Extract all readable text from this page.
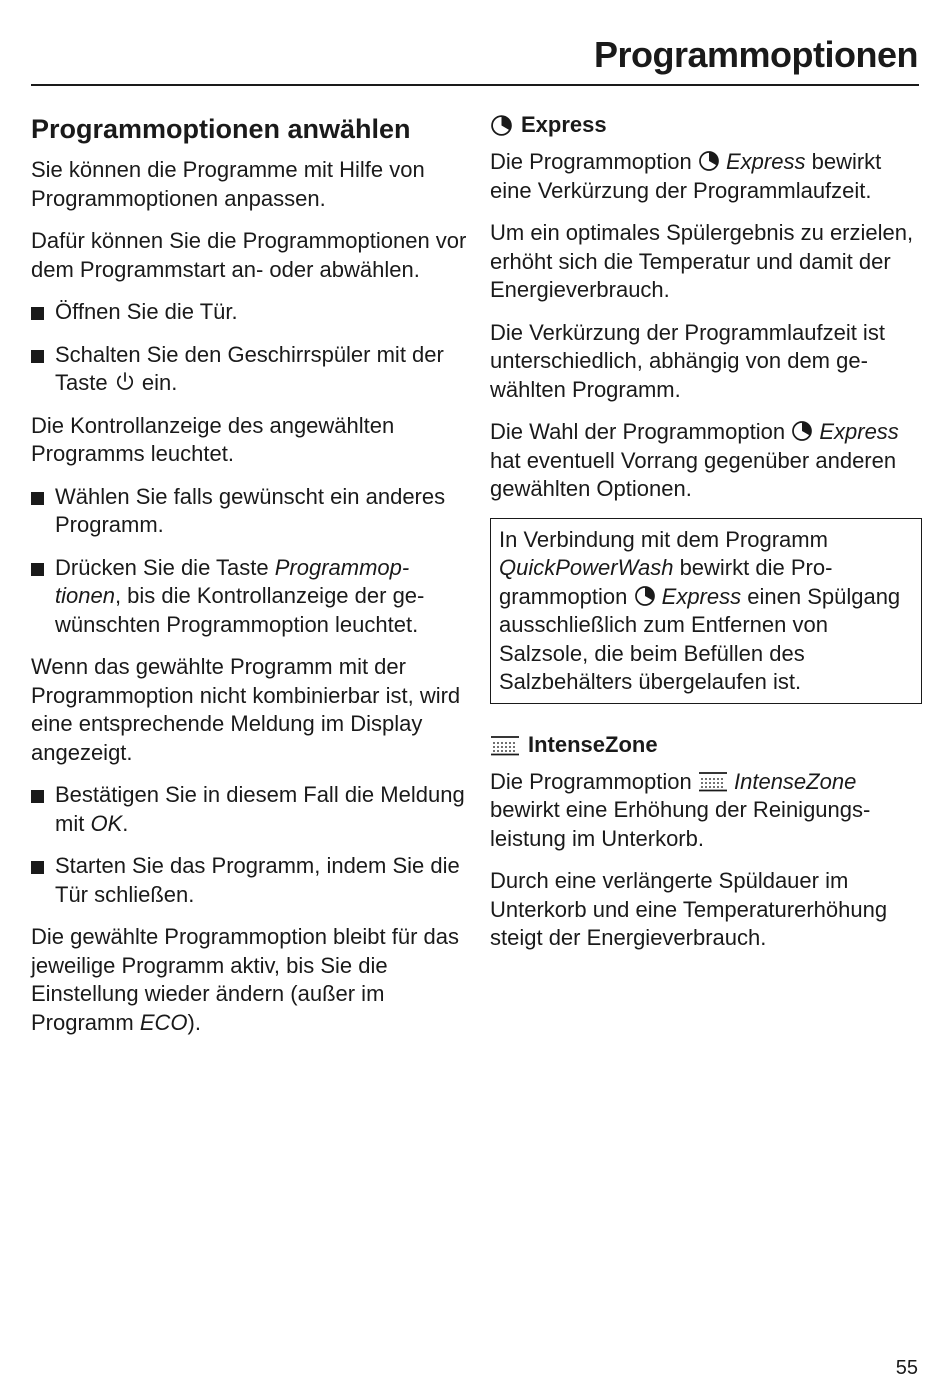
Programmoptionen
Programmoptionen anwählen

Sie können die Programme mit Hilfe von Programmoptionen anpassen.

Dafür können Sie die Programmoptionen vor dem Programmstart an- oder abwählen.

Öffnen Sie die Tür.
Schalten Sie den Geschirrspüler mit der Taste ein.

Die Kontrollanzeige des angewählten Programms leuchtet.

Wählen Sie falls gewünscht ein anderes Programm.
Drücken Sie die Taste Programmoptionen, bis die Kontrollanzeige der gewünschten Programmoption leuchtet.

Wenn das gewählte Programm mit der Programmoption nicht kombinierbar ist, wird eine entsprechende Meldung im Display angezeigt.

Bestätigen Sie in diesem Fall die Meldung mit OK.
Starten Sie das Programm, indem Sie die Tür schließen.

Die gewählte Programmoption bleibt für das jeweilige Programm aktiv, bis Sie die Einstellung wieder ändern (außer im Programm ECO).

Express

Die Programmoption Express bewirkt eine Verkürzung der Programmlaufzeit.

Um ein optimales Spülergebnis zu erzielen, erhöht sich die Temperatur und damit der Energieverbrauch.

Die Verkürzung der Programmlaufzeit ist unterschiedlich, abhängig von dem gewählten Programm.

Die Wahl der Programmoption Express hat eventuell Vorrang gegenüber anderen gewählten Optionen.

In Verbindung mit dem Programm QuickPowerWash bewirkt die Programmoption Express einen Spülgang ausschließlich zum Entfernen von Salzsole, die beim Befüllen des Salzbehälters übergelaufen ist.

IntenseZone

Die Programmoption IntenseZone bewirkt eine Erhöhung der Reinigungsleistung im Unterkorb.

Durch eine verlängerte Spüldauer im Unterkorb und eine Temperaturerhöhung steigt der Energieverbrauch.

55
